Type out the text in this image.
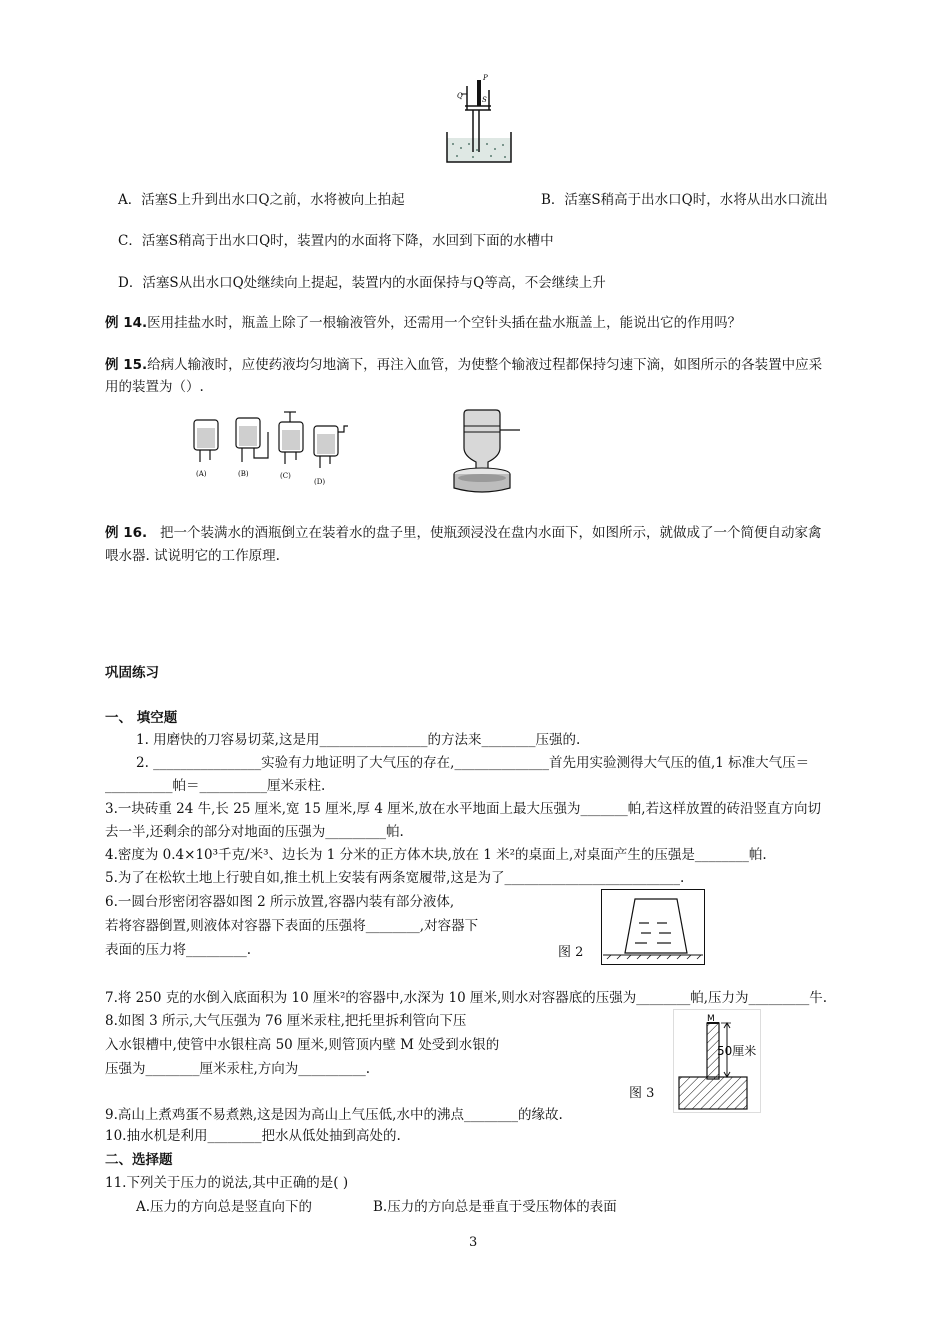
P
Q	S
A．活塞S上升到出水口Q之前，水将被向上拍起	B．活塞S稍高于出水口Q时，水将从出水口流出
C．活塞S稍高于出水口Q时，装置内的水面将下降，水回到下面的水槽中
D．活塞S从出水口Q处继续向上提起，装置内的水面保持与Q等高，不会继续上升
例 14.医用挂盐水时，瓶盖上除了一根输液管外，还需用一个空针头插在盐水瓶盖上，能说出它的作用吗？
例 15.给病人输液时，应使药液均匀地滴下，再注入血管，为使整个输液过程都保持匀速下滴，如图所示的各装置中应采
用的装置为（）.
(A)	(B)	(C)
(D)
例 16. 把一个装满水的酒瓶倒立在装着水的盘子里，使瓶颈浸没在盘内水面下，如图所示，就做成了一个简便自动家禽
喂水器. 试说明它的工作原理.
巩固练习
一、 填空题
1. 用磨快的刀容易切菜,这是用________________的方法来________压强的.
2. ________________实验有力地证明了大气压的存在,______________首先用实验测得大气压的值,1 标准大气压＝
__________帕＝__________厘米汞柱.
3.一块砖重 24 牛,长 25 厘米,宽 15 厘米,厚 4 厘米,放在水平地面上最大压强为_______帕,若这样放置的砖沿竖直方向切
去一半,还剩余的部分对地面的压强为_________帕.
4.密度为 0.4×10³千克/米³、边长为 1 分米的正方体木块,放在 1 米²的桌面上,对桌面产生的压强是________帕.
5.为了在松软土地上行驶自如,推土机上安装有两条宽履带,这是为了__________________________.
6.一圆台形密闭容器如图 2 所示放置,容器内装有部分液体,
若将容器倒置,则液体对容器下表面的压强将________,对容器下
表面的压力将_________.	图 2
7.将 250 克的水倒入底面积为 10 厘米²的容器中,水深为 10 厘米,则水对容器底的压强为________帕,压力为_________牛.
8.如图 3 所示,大气压强为 76 厘米汞柱,把托里拆利管向下压
入水银槽中,使管中水银柱高 50 厘米,则管顶内壁 M 处受到水银的
压强为________厘米汞柱,方向为__________.
图 3
M
50厘米
9.高山上煮鸡蛋不易煮熟,这是因为高山上气压低,水中的沸点________的缘故.
10.抽水机是利用________把水从低处抽到高处的.
二、选择题
11.下列关于压力的说法,其中正确的是( )
A.压力的方向总是竖直向下的	B.压力的方向总是垂直于受压物体的表面
3
